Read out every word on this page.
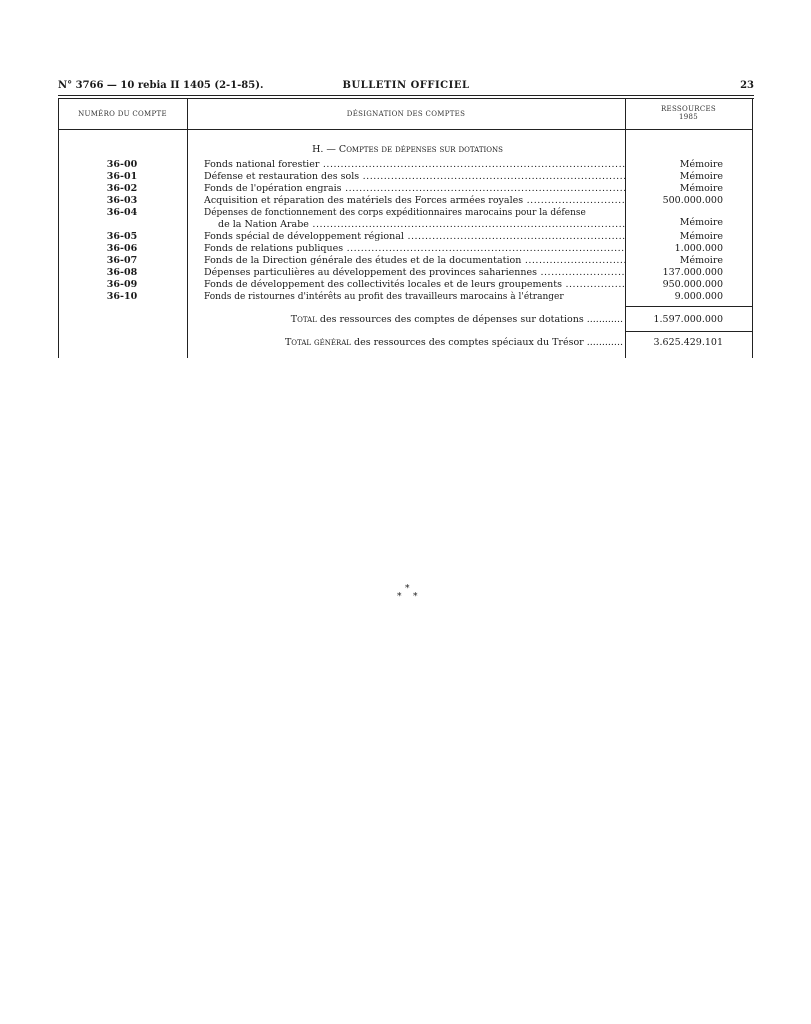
N° 3766 — 10 rebia II 1405 (2-1-85).	BULLETIN OFFICIEL	23
NUMÉRO DU COMPTE	DÉSIGNATION DES COMPTES
RESSOURCES
1985
H. — Comptes de dépenses sur dotations
36-00	Fonds national forestier .....	Mémoire
36-01	Défense et restauration des sols .....	Mémoire
36-02	Fonds de l'opération engrais .....	Mémoire
36-03	Acquisition et réparation des matériels des Forces armées royales .....	500.000.000
36-04	Dépenses de fonctionnement des corps expéditionnaires marocains pour la défense
de la Nation Arabe .....	Mémoire
36-05	Fonds spécial de développement régional .....	Mémoire
36-06	Fonds de relations publiques .....	1.000.000
36-07	Fonds de la Direction générale des études et de la documentation .....	Mémoire
36-08	Dépenses particulières au développement des provinces sahariennes .....	137.000.000
36-09	Fonds de développement des collectivités locales et de leurs groupements .....	950.000.000
36-10	Fonds de ristournes d'intérêts au profit des travailleurs marocains à l'étranger	9.000.000
Total des ressources des comptes de dépenses sur dotations ............	1.597.000.000
Total général des ressources des comptes spéciaux du Trésor ............	3.625.429.101
*
* *
